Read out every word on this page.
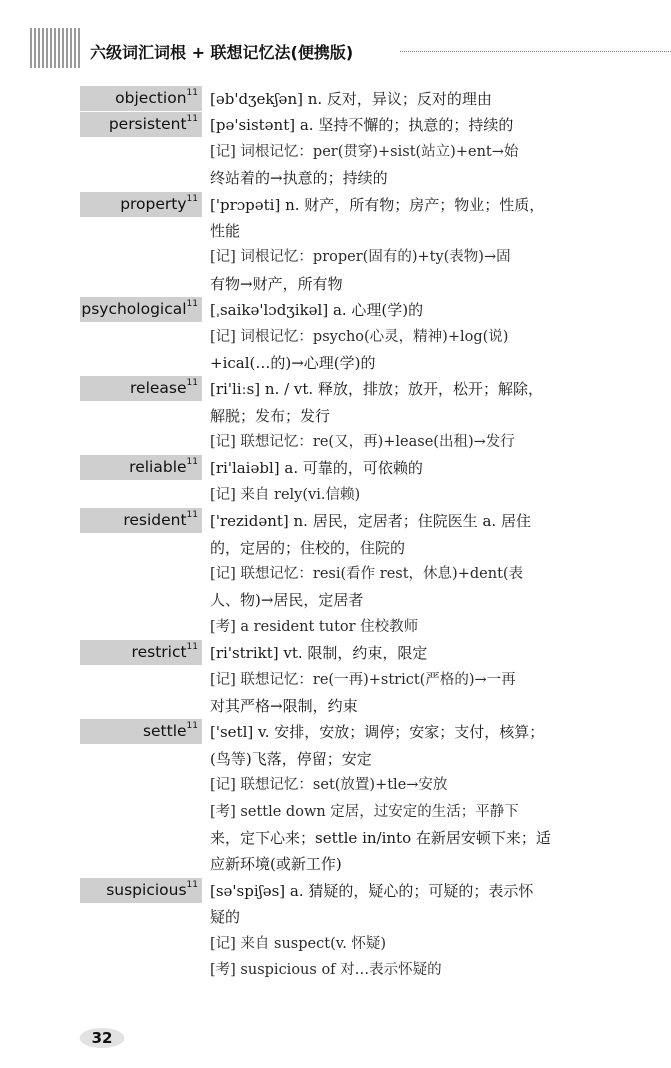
六级词汇词根 + 联想记忆法(便携版)
objection$^{11}$ [əb'dʒekʃən] n. 反对，异议；反对的理由
persistent$^{11}$ [pə'sistənt] a. 坚持不懈的；执意的；持续的
[记] 词根记忆：per(贯穿)+sist(站立)+ent→始
终站着的→执意的；持续的
property$^{11}$ ['prɔpəti] n. 财产，所有物；房产；物业；性质，
性能
[记] 词根记忆：proper(固有的)+ty(表物)→固
有物→财产，所有物
psychological$^{11}$ [ˌsaikə'lɔdʒikəl] a. 心理(学)的
[记] 词根记忆：psycho(心灵，精神)+log(说)
+ical(…的)→心理(学)的
release$^{11}$ [ri'liːs] n. / vt. 释放，排放；放开，松开；解除，
解脱；发布；发行
[记] 联想记忆：re(又，再)+lease(出租)→发行
reliable$^{11}$ [ri'laiəbl] a. 可靠的，可依赖的
[记] 来自 rely(vi.信赖)
resident$^{11}$ ['rezidənt] n. 居民，定居者；住院医生 a. 居住
的，定居的；住校的，住院的
[记] 联想记忆：resi(看作 rest，休息)+dent(表
人、物)→居民，定居者
[考] a resident tutor 住校教师
restrict$^{11}$ [ri'strikt] vt. 限制，约束，限定
[记] 联想记忆：re(一再)+strict(严格的)→一再
对其严格→限制，约束
settle$^{11}$ ['setl] v. 安排，安放；调停；安家；支付，核算；
(鸟等)飞落，停留；安定
[记] 联想记忆：set(放置)+tle→安放
[考] settle down 定居，过安定的生活；平静下
来，定下心来；settle in/into 在新居安顿下来；适
应新环境(或新工作)
suspicious$^{11}$ [sə'spiʃəs] a. 猜疑的，疑心的；可疑的；表示怀
疑的
[记] 来自 suspect(v. 怀疑)
[考] suspicious of 对…表示怀疑的
32
